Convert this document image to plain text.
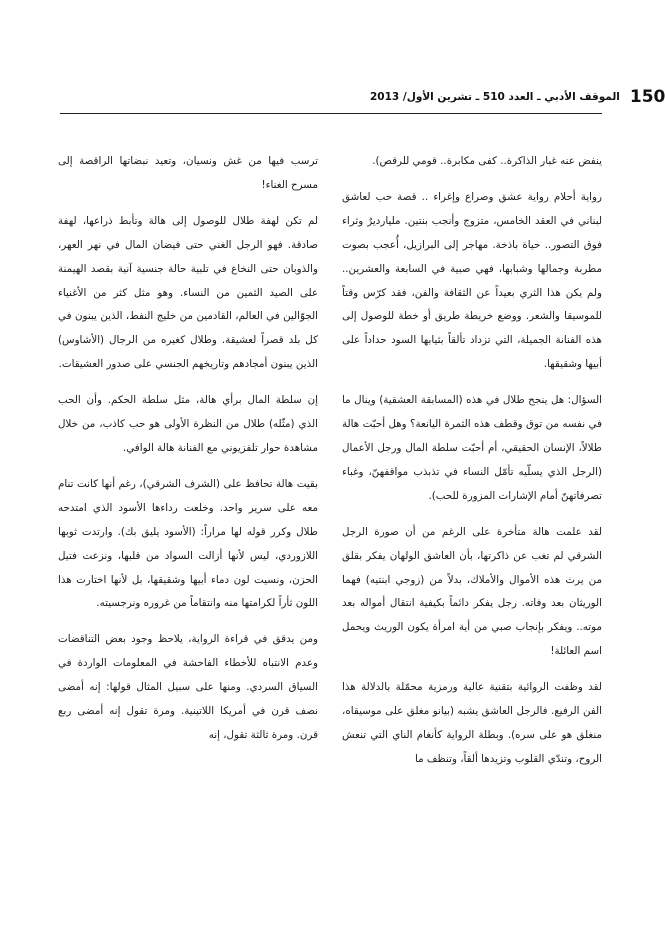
150
الموقف الأدبي ـ العدد 510 ـ تشرين الأول/ 2013

ينفض عنه غبار الذاكرة.. كفى مكابرة.. قومي للرقص).

رواية أحلام رواية عشق وصراع وإغراء .. قصة حب لعاشق لبناني في العقد الخامس، متزوج وأنجب بنتين. مليارديرٌ وثراء فوق التصور.. حياة باذخة. مهاجر إلى البرازيل، أُعجب بصوت مطربة وجمالها وشبابها، فهي صبية في السابعة والعشرين.. ولم يكن هذا الثري بعيداً عن الثقافة والفن، فقد كرّس وقتاً للموسيقا والشعر. ووضع خريطة طريق أو خطة للوصول إلى هذه الفنانة الجميلة، التي تزداد تألقاً بثيابها السود حداداً على أبيها وشقيقها.

السؤال: هل ينجح طلال في هذه (المسابقة العشقية) وينال ما في نفسه من توق وقطف هذه الثمرة اليانعة؟ وهل أحبّت هالة طلالاً، الإنسان الحقيقي، أم أحبّت سلطة المال ورجل الأعمال (الرجل الذي يسلّيه تأمّل النساء في تذبذب مواقفهنّ، وغباء تصرفاتهنّ أمام الإشارات المزورة للحب).

لقد علمت هالة متأخرة على الرغم من أن صورة الرجل الشرقي لم تغب عن ذاكرتها، بأن العاشق الولهان يفكر بقلق من يرث هذه الأموال والأملاك، بدلاً من (زوجي ابنتيه) فهما الوريثان بعد وفاته. رجل يفكر دائماً بكيفية انتقال أمواله بعد موته.. ويفكر بإنجاب صبي من أية امرأة يكون الوريث ويحمل اسم العائلة!

لقد وظفت الروائية بتقنية عالية ورمزية محمّلة بالدلالة هذا الفن الرفيع. فالرجل العاشق يشبه (بيانو مغلق على موسيقاه، منغلق هو على سره). وبطلة الرواية كأنغام الناي التي تنعش الروح، وتندّي القلوب وتزيدها ألقاً، وتنظف ما

ترسب فيها من غش ونسيان، وتعيد نبضاتها الراقصة إلى مسرح الغناء!

لم تكن لهفة طلال للوصول إلى هالة وتأبط ذراعها، لهفة صادقة. فهو الرجل الغني حتى فيضان المال في نهر العهر، والذوبان حتى النخاع في تلبية حالة جنسية آنية بقصد الهيمنة على الصيد الثمين من النساء. وهو مثل كثر من الأغنياء الجوّالين في العالم، القادمين من خليج النفط، الذين يبنون في كل بلد قصراً لعشيقة. وطلال كغيره من الرجال (الأشاوس) الذين يبنون أمجادهم وتاريخهم الجنسي على صدور العشيقات.

إن سلطة المال برأي هالة، مثل سلطة الحكم. وأن الحب الذي (مثّله) طلال من النظرة الأولى هو حب كاذب، من خلال مشاهدة حوار تلفزيوني مع الفنانة هالة الوافي.

بقيت هالة تحافظ على (الشرف الشرقي)، رغم أنها كانت تنام معه على سرير واحد. وخلعت رداءها الأسود الذي امتدحه طلال وكرر قوله لها مراراً: (الأسود يليق بك). وارتدت ثوبها اللازوردي، ليس لأنها أزالت السواد من قلبها، ونزعت فتيل الحزن، ونسيت لون دماء أبيها وشقيقها، بل لأنها اختارت هذا اللون ثأراً لكرامتها منه وانتقاماً من غروره ونرجسيته.

ومن يدقق في قراءة الرواية، يلاحظ وجود بعض التناقضات وعدم الانتباه للأخطاء الفاحشة في المعلومات الواردة في السياق السردي. ومنها على سبيل المثال قولها: إنه أمضى نصف قرن في أمريكا اللاتينية. ومرة تقول إنه أمضى ربع قرن. ومرة ثالثة تقول، إنه
